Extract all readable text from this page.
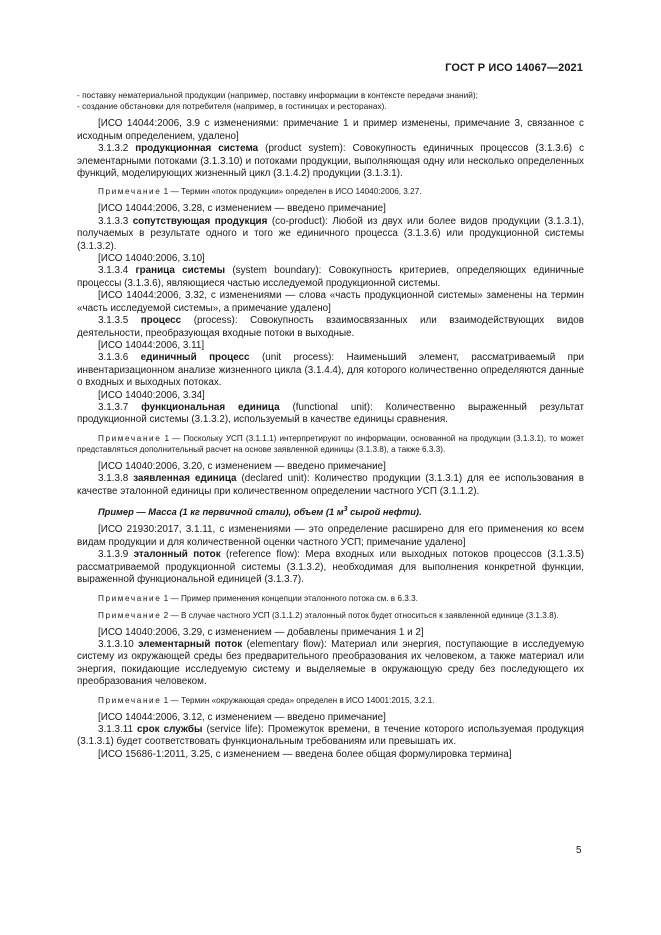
ГОСТ Р ИСО 14067—2021

- поставку нематериальной продукции (например, поставку информации в контексте передачи знаний);

- создание обстановки для потребителя (например, в гостиницах и ресторанах).

[ИСО 14044:2006, 3.9 с изменениями: примечание 1 и пример изменены, примечание 3, связанное с исходным определением, удалено]

3.1.3.2 продукционная система (product system): Совокупность единичных процессов (3.1.3.6) с элементарными потоками (3.1.3.10) и потоками продукции, выполняющая одну или несколько определенных функций, моделирующих жизненный цикл (3.1.4.2) продукции (3.1.3.1).

Примечание 1 — Термин «поток продукции» определен в ИСО 14040:2006, 3.27.

[ИСО 14044:2006, 3.28, с изменением — введено примечание]

3.1.3.3 сопутствующая продукция (co-product): Любой из двух или более видов продукции (3.1.3.1), получаемых в результате одного и того же единичного процесса (3.1.3.6) или продукционной системы (3.1.3.2).

[ИСО 14040:2006, 3.10]

3.1.3.4 граница системы (system boundary): Совокупность критериев, определяющих единичные процессы (3.1.3.6), являющиеся частью исследуемой продукционной системы.

[ИСО 14044:2006, 3.32, с изменениями — слова «часть продукционной системы» заменены на термин «часть исследуемой системы», а примечание удалено]

3.1.3.5 процесс (process): Совокупность взаимосвязанных или взаимодействующих видов деятельности, преобразующая входные потоки в выходные.

[ИСО 14044:2006, 3.11]

3.1.3.6 единичный процесс (unit process): Наименьший элемент, рассматриваемый при инвентаризационном анализе жизненного цикла (3.1.4.4), для которого количественно определяются данные о входных и выходных потоках.

[ИСО 14040:2006, 3.34]

3.1.3.7 функциональная единица (functional unit): Количественно выраженный результат продукционной системы (3.1.3.2), используемый в качестве единицы сравнения.

Примечание 1 — Поскольку УСП (3.1.1.1) интерпретируют по информации, основанной на продукции (3.1.3.1), то может представляться дополнительный расчет на основе заявленной единицы (3.1.3.8), а также 6.3.3).

[ИСО 14040:2006, 3.20, с изменением — введено примечание]

3.1.3.8 заявленная единица (declared unit): Количество продукции (3.1.3.1) для ее использования в качестве эталонной единицы при количественном определении частного УСП (3.1.1.2).

Пример — Масса (1 кг первичной стали), объем (1 $м^3$ сырой нефти).

[ИСО 21930:2017, 3.1.11, с изменениями — это определение расширено для его применения ко всем видам продукции и для количественной оценки частного УСП; примечание удалено]

3.1.3.9 эталонный поток (reference flow): Мера входных или выходных потоков процессов (3.1.3.5) рассматриваемой продукционной системы (3.1.3.2), необходимая для выполнения конкретной функции, выраженной функциональной единицей (3.1.3.7).

Примечание 1 — Пример применения концепции эталонного потока см. в 6.3.3.

Примечание 2 — В случае частного УСП (3.1.1.2) эталонный поток будет относиться к заявленной единице (3.1.3.8).

[ИСО 14040:2006, 3.29, с изменением — добавлены примечания 1 и 2]

3.1.3.10 элементарный поток (elementary flow): Материал или энергия, поступающие в исследуемую систему из окружающей среды без предварительного преобразования их человеком, а также материал или энергия, покидающие исследуемую систему и выделяемые в окружающую среду без последующего их преобразования человеком.

Примечание 1 — Термин «окружающая среда» определен в ИСО 14001:2015, 3.2.1.

[ИСО 14044:2006, 3.12, с изменением — введено примечание]

3.1.3.11 срок службы (service life): Промежуток времени, в течение которого используемая продукция (3.1.3.1) будет соответствовать функциональным требованиям или превышать их.

[ИСО 15686-1:2011, 3.25, с изменением — введена более общая формулировка термина]

5
